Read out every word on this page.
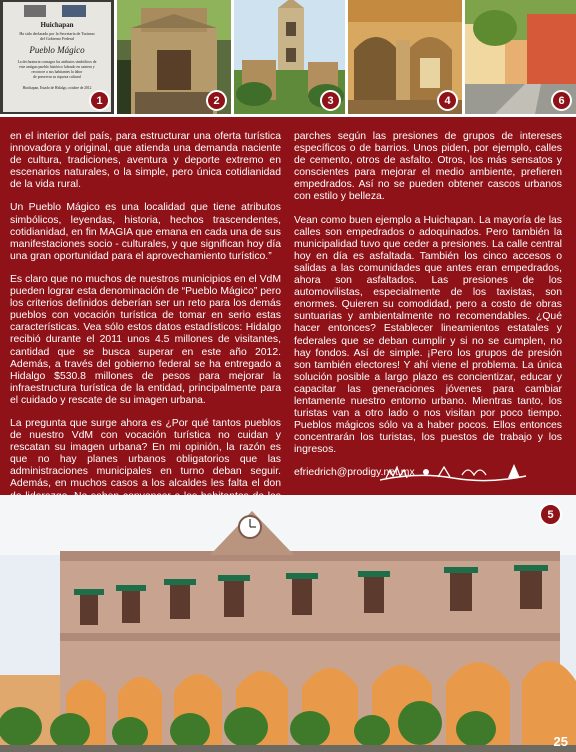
Huichapan
Ha sido declarado por la Secretaría de Turismo
del Gobierno Federal
Pueblo Mágico
La declaratoria consagra los atributos simbólicos de
este antiguo pueblo histórico labrado en cantera y
reconoce a sus habitantes la labor
de preservar su riqueza cultural
Huichapan, Estado de Hidalgo, octubre de 2012
1	2	3	4	6

en el interior del país, para estructurar una oferta turística innovadora y original, que atienda una demanda naciente de cultura, tradiciones, aventura y deporte extremo en escenarios naturales, o la simple, pero única cotidianidad de la vida rural.

Un Pueblo Mágico es una localidad que tiene atributos simbólicos, leyendas, historia, hechos trascendentes, cotidianidad, en fin MAGIA que emana en cada una de sus manifestaciones socio - culturales, y que significan hoy día una gran oportunidad para el aprovechamiento turístico.”

Es claro que no muchos de nuestros municipios en el VdM pueden lograr esta denominación de “Pueblo Mágico” pero los criterios definidos deberían ser un reto para los demás pueblos con vocación turística de tomar en serio estas características. Vea sólo estos datos estadísticos: Hidalgo recibió durante el 2011 unos 4.5 millones de visitantes, cantidad que se busca superar en este año 2012. Además, a través del gobierno federal se ha entregado a Hidalgo $530.8 millones de pesos para mejorar la infraestructura turística de la entidad, principalmente para el cuidado y rescate de su imagen urbana.

La pregunta que surge ahora es ¿Por qué tantos pueblos de nuestro VdM con vocación turística no cuidan y rescatan su imagen urbana? En mi opinión, la razón es que no hay planes urbanos obligatorios que las administraciones municipales en turno deban seguir. Además, en muchos casos a los alcaldes les falta el don

parches según las presiones de grupos de intereses específicos o de barrios. Unos piden, por ejemplo, calles de cemento, otros de asfalto. Otros, los más sensatos y conscientes para mejorar el medio ambiente, prefieren empedrados. Así no se pueden obtener cascos urbanos con estilo y belleza.

Vean como buen ejemplo a Huichapan. La mayoría de las calles son empedrados o adoquinados. Pero también la municipalidad tuvo que ceder a presiones. La calle central hoy en día es asfaltada. También los cinco accesos o salidas a las comunidades que antes eran empedrados, ahora son asfaltados. Las presiones de los automovilistas, especialmente de los taxistas, son enormes. Quieren su comodidad, pero a costo de obras suntuarias y ambientalmente no recomendables. ¿Qué hacer entonces? Establecer lineamientos estatales y federales que se deban cumplir y si no se cumplen, no hay fondos. Así de simple. ¡Pero los grupos de presión son también electores! Y ahí viene el problema. La única solución posible a largo plazo es concientizar, educar y capacitar las generaciones jóvenes para cambiar lentamente nuestro entorno urbano. Mientras tanto, los turistas van a otro lado o nos visitan por poco tiempo. Pueblos mágicos sólo va a haber pocos. Ellos entonces concentrarán los turistas, los puestos de trabajo y los ingresos.

efriedrich@prodigy.net.mx
5
25
